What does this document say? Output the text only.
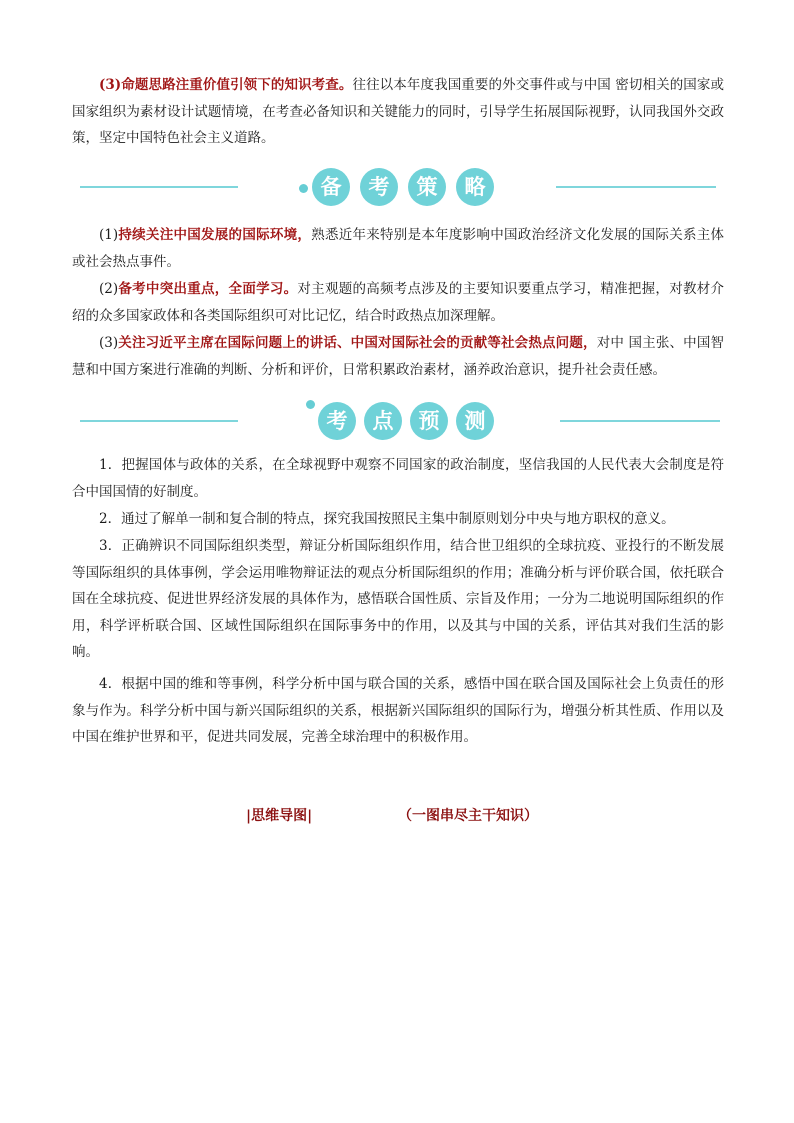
(3)命题思路注重价值引领下的知识考查。往往以本年度我国重要的外交事件或与中国 密切相关的国家或国家组织为素材设计试题情境，在考查必备知识和关键能力的同时，引导学生拓展国际视野，认同我国外交政策，坚定中国特色社会主义道路。

备	考	策	略

(1)持续关注中国发展的国际环境，熟悉近年来特别是本年度影响中国政治经济文化发展的国际关系主体或社会热点事件。

(2)备考中突出重点，全面学习。对主观题的高频考点涉及的主要知识要重点学习，精准把握，对教材介绍的众多国家政体和各类国际组织可对比记忆，结合时政热点加深理解。

(3)关注习近平主席在国际问题上的讲话、中国对国际社会的贡献等社会热点问题，对中 国主张、中国智慧和中国方案进行准确的判断、分析和评价，日常积累政治素材，涵养政治意识，提升社会责任感。

考	点	预	测

1．把握国体与政体的关系，在全球视野中观察不同国家的政治制度，坚信我国的人民代表大会制度是符合中国国情的好制度。

2．通过了解单一制和复合制的特点，探究我国按照民主集中制原则划分中央与地方职权的意义。

3．正确辨识不同国际组织类型，辩证分析国际组织作用，结合世卫组织的全球抗疫、亚投行的不断发展等国际组织的具体事例，学会运用唯物辩证法的观点分析国际组织的作用；准确分析与评价联合国，依托联合国在全球抗疫、促进世界经济发展的具体作为，感悟联合国性质、宗旨及作用；一分为二地说明国际组织的作用，科学评析联合国、区域性国际组织在国际事务中的作用，以及其与中国的关系，评估其对我们生活的影响。

4．根据中国的维和等事例，科学分析中国与联合国的关系，感悟中国在联合国及国际社会上负责任的形象与作为。科学分析中国与新兴国际组织的关系，根据新兴国际组织的国际行为，增强分析其性质、作用以及中国在维护世界和平，促进共同发展，完善全球治理中的积极作用。

|思维导图|	（一图串尽主干知识）
